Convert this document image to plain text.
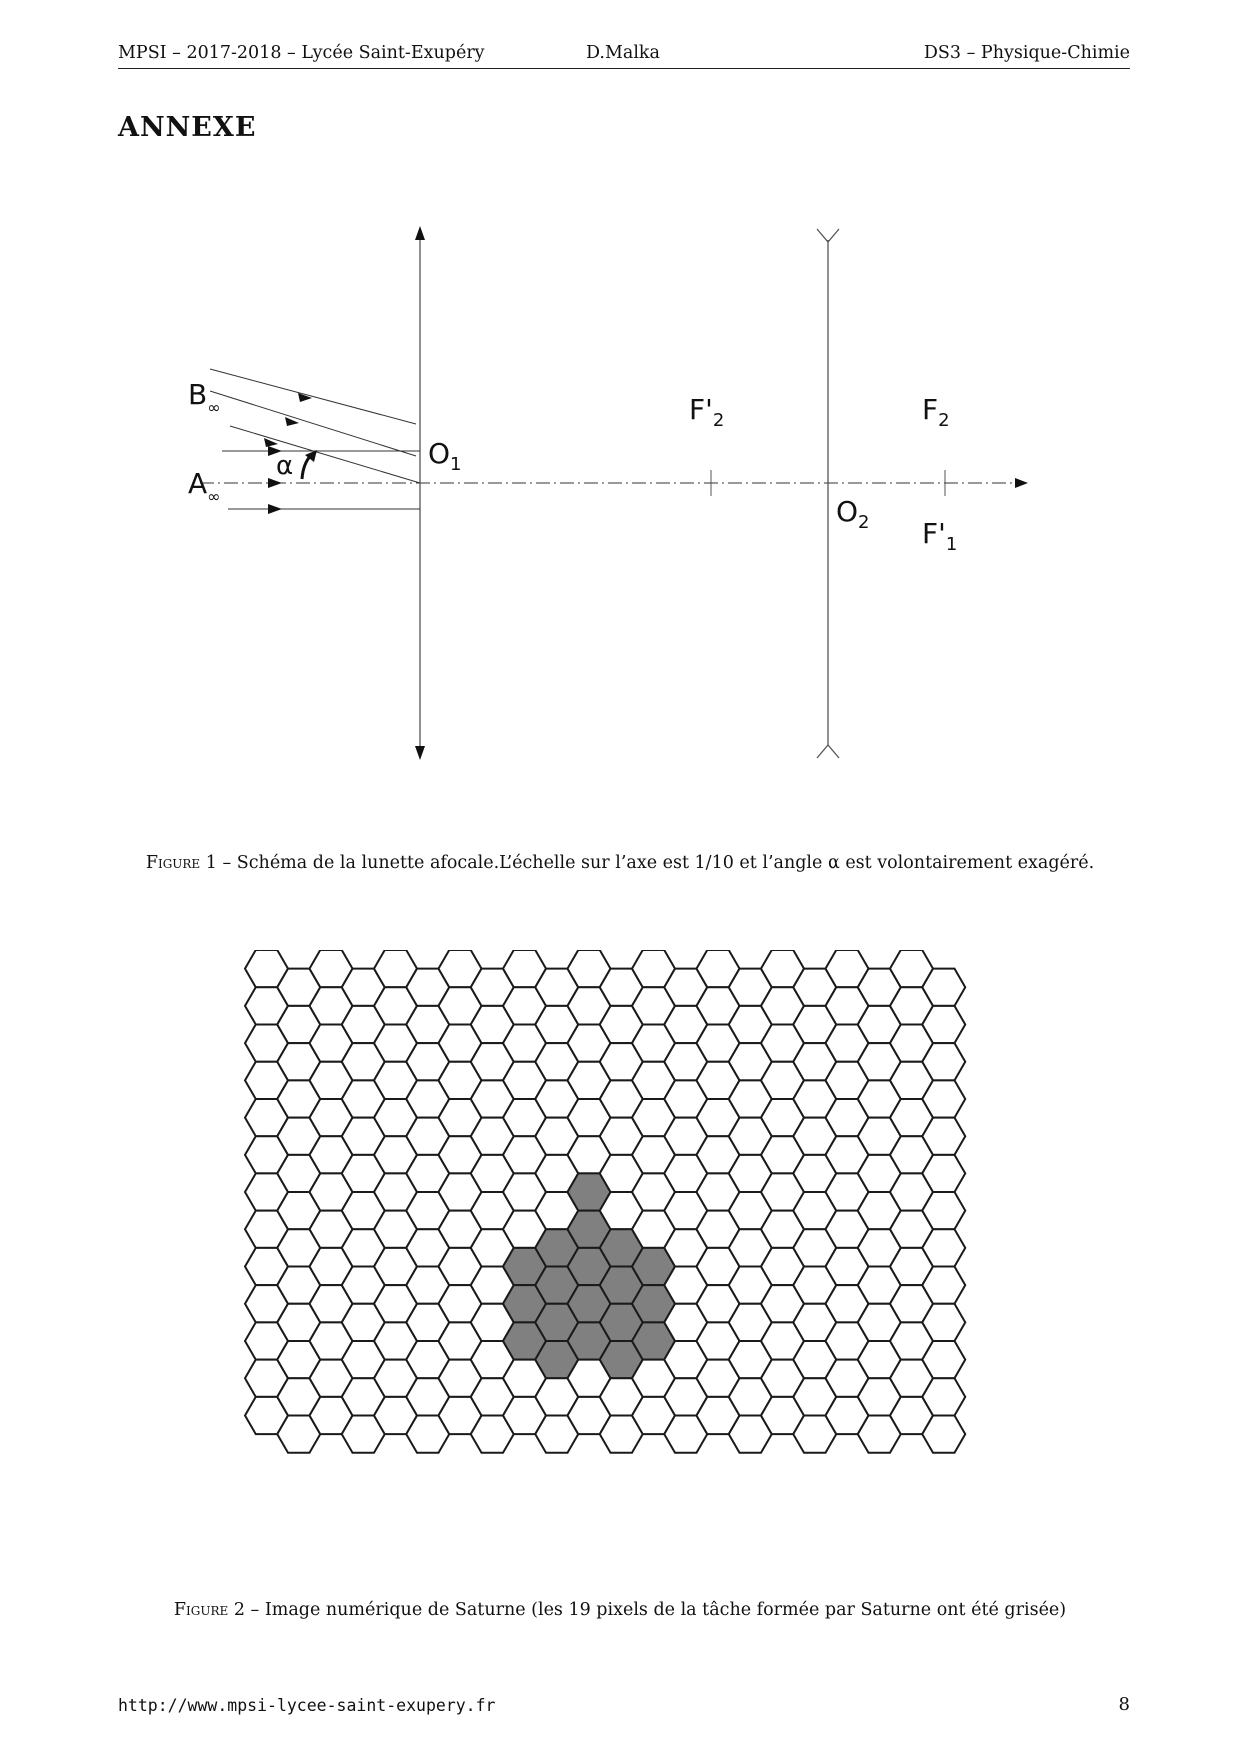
MPSI – 2017-2018 – Lycée Saint-Exupéry	D.Malka	DS3 – Physique-Chimie
ANNEXE
$B_\infty$
$A_\infty$
α	$O_1$
$O_2$
$F'_2$	$F_2$
$F'_1$
Figure 1 – Schéma de la lunette afocale.L’échelle sur l’axe est 1/10 et l’angle α est volontairement exagéré.
Figure 2 – Image numérique de Saturne (les 19 pixels de la tâche formée par Saturne ont été grisée)
http://www.mpsi-lycee-saint-exupery.fr	8
